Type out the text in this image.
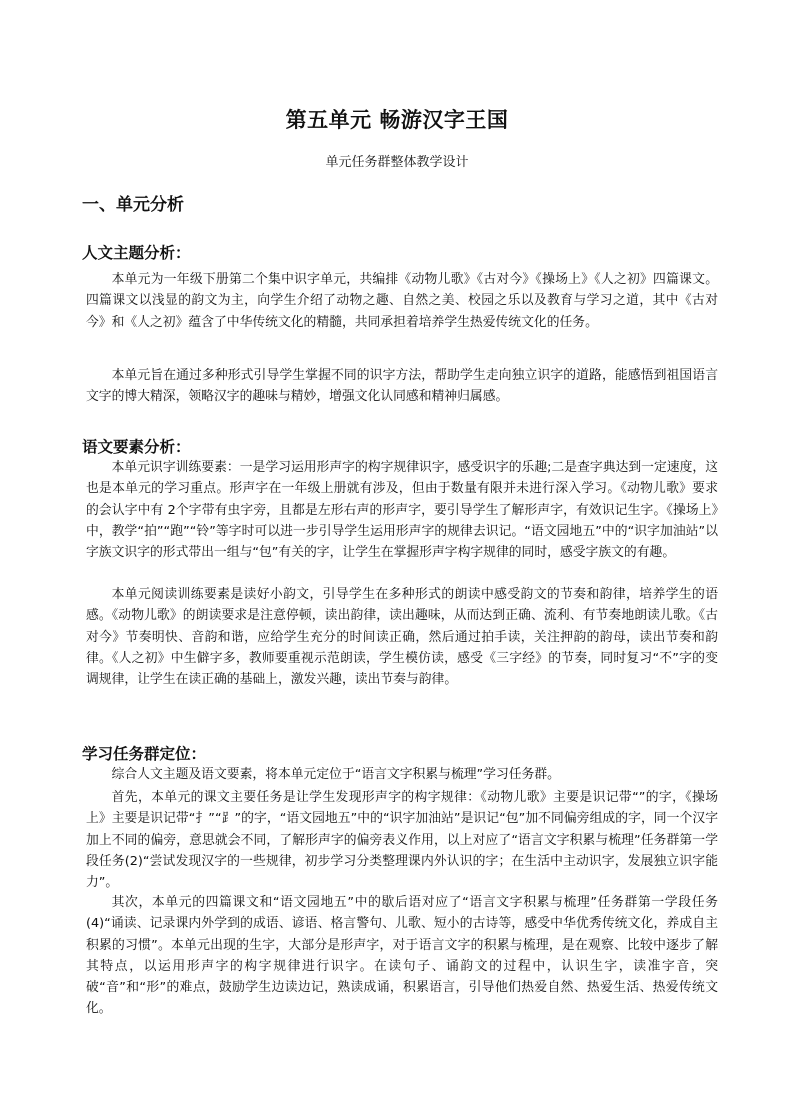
第五单元 畅游汉字王国
单元任务群整体教学设计
一、单元分析
人文主题分析：

本单元为一年级下册第二个集中识字单元，共编排《动物儿歌》《古对今》《操场上》《人之初》四篇课文。四篇课文以浅显的韵文为主，向学生介绍了动物之趣、自然之美、校园之乐以及教育与学习之道，其中《古对今》和《人之初》蕴含了中华传统文化的精髓，共同承担着培养学生热爱传统文化的任务。

本单元旨在通过多种形式引导学生掌握不同的识字方法，帮助学生走向独立识字的道路，能感悟到祖国语言文字的博大精深，领略汉字的趣味与精妙，增强文化认同感和精神归属感。

语文要素分析：

本单元识字训练要素：一是学习运用形声字的构字规律识字，感受识字的乐趣;二是查字典达到一定速度，这也是本单元的学习重点。形声字在一年级上册就有涉及，但由于数量有限并未进行深入学习。《动物儿歌》要求的会认字中有 2个字带有虫字旁，且都是左形右声的形声字，要引导学生了解形声字，有效识记生字。《操场上》中，教学“拍”“跑”“铃”等字时可以进一步引导学生运用形声字的规律去识记。“语文园地五”中的“识字加油站”以字族文识字的形式带出一组与“包”有关的字，让学生在掌握形声字构字规律的同时，感受字族文的有趣。

本单元阅读训练要素是读好小韵文，引导学生在多种形式的朗读中感受韵文的节奏和韵律，培养学生的语感。《动物儿歌》的朗读要求是注意停顿，读出韵律，读出趣味，从而达到正确、流利、有节奏地朗读儿歌。《古对今》节奏明快、音韵和谐，应给学生充分的时间读正确，然后通过拍手读，关注押韵的韵母，读出节奏和韵律。《人之初》中生僻字多，教师要重视示范朗读，学生模仿读，感受《三字经》的节奏，同时复习“不”字的变调规律，让学生在读正确的基础上，激发兴趣，读出节奏与韵律。

学习任务群定位：

综合人文主题及语文要素，将本单元定位于“语言文字积累与梳理”学习任务群。

首先，本单元的课文主要任务是让学生发现形声字的构字规律：《动物儿歌》主要是识记带“”的字，《操场上》主要是识记带“扌”“⻊”的字，“语文园地五”中的“识字加油站”是识记“包”加不同偏旁组成的字，同一个汉字加上不同的偏旁，意思就会不同，了解形声字的偏旁表义作用，以上对应了“语言文字积累与梳理”任务群第一学段任务(2)“尝试发现汉字的一些规律，初步学习分类整理课内外认识的字；在生活中主动识字，发展独立识字能力”。

其次，本单元的四篇课文和“语文园地五”中的歇后语对应了“语言文字积累与梳理”任务群第一学段任务(4)“诵读、记录课内外学到的成语、谚语、格言警句、儿歌、短小的古诗等，感受中华优秀传统文化，养成自主积累的习惯”。本单元出现的生字，大部分是形声字，对于语言文字的积累与梳理，是在观察、比较中逐步了解其特点，以运用形声字的构字规律进行识字。在读句子、诵韵文的过程中，认识生字，读准字音，突破“音”和“形”的难点，鼓励学生边读边记，熟读成诵，积累语言，引导他们热爱自然、热爱生活、热爱传统文化。
